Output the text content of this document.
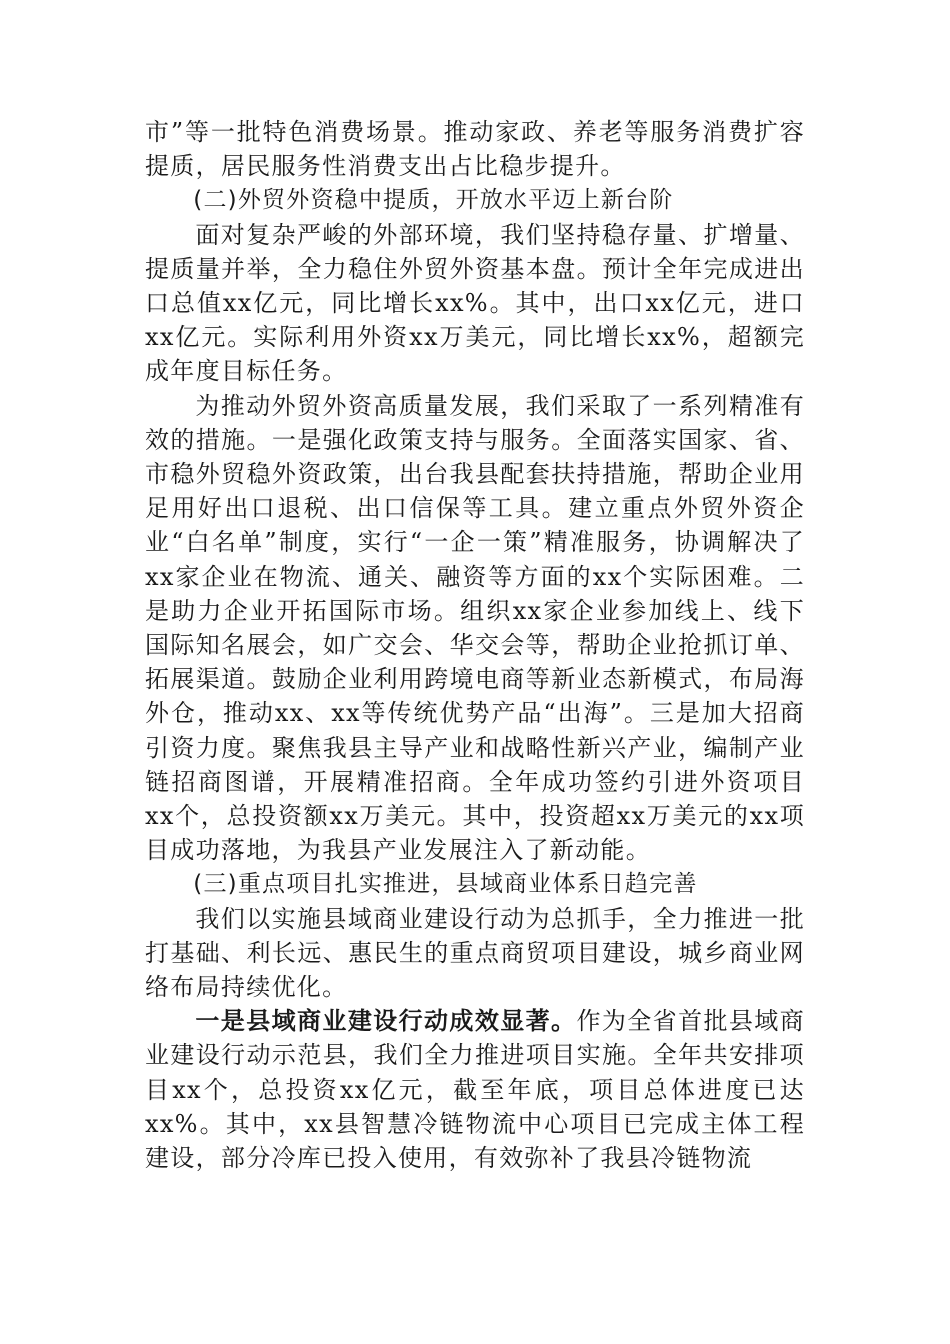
市”等一批特色消费场景。推动家政、养老等服务消费扩容提质，居民服务性消费支出占比稳步提升。

(二)外贸外资稳中提质，开放水平迈上新台阶

面对复杂严峻的外部环境，我们坚持稳存量、扩增量、提质量并举，全力稳住外贸外资基本盘。预计全年完成进出口总值xx亿元，同比增长xx%。其中，出口xx亿元，进口xx亿元。实际利用外资xx万美元，同比增长xx%，超额完成年度目标任务。

为推动外贸外资高质量发展，我们采取了一系列精准有效的措施。一是强化政策支持与服务。全面落实国家、省、市稳外贸稳外资政策，出台我县配套扶持措施，帮助企业用足用好出口退税、出口信保等工具。建立重点外贸外资企业“白名单”制度，实行“一企一策”精准服务，协调解决了xx家企业在物流、通关、融资等方面的xx个实际困难。二是助力企业开拓国际市场。组织xx家企业参加线上、线下国际知名展会，如广交会、华交会等，帮助企业抢抓订单、拓展渠道。鼓励企业利用跨境电商等新业态新模式，布局海外仓，推动xx、xx等传统优势产品“出海”。三是加大招商引资力度。聚焦我县主导产业和战略性新兴产业，编制产业链招商图谱，开展精准招商。全年成功签约引进外资项目xx个，总投资额xx万美元。其中，投资超xx万美元的xx项目成功落地，为我县产业发展注入了新动能。

(三)重点项目扎实推进，县域商业体系日趋完善

我们以实施县域商业建设行动为总抓手，全力推进一批打基础、利长远、惠民生的重点商贸项目建设，城乡商业网络布局持续优化。

一是县域商业建设行动成效显著。作为全省首批县域商业建设行动示范县，我们全力推进项目实施。全年共安排项目xx个，总投资xx亿元，截至年底，项目总体进度已达xx%。其中，xx县智慧冷链物流中心项目已完成主体工程建设，部分冷库已投入使用，有效弥补了我县冷链物流
